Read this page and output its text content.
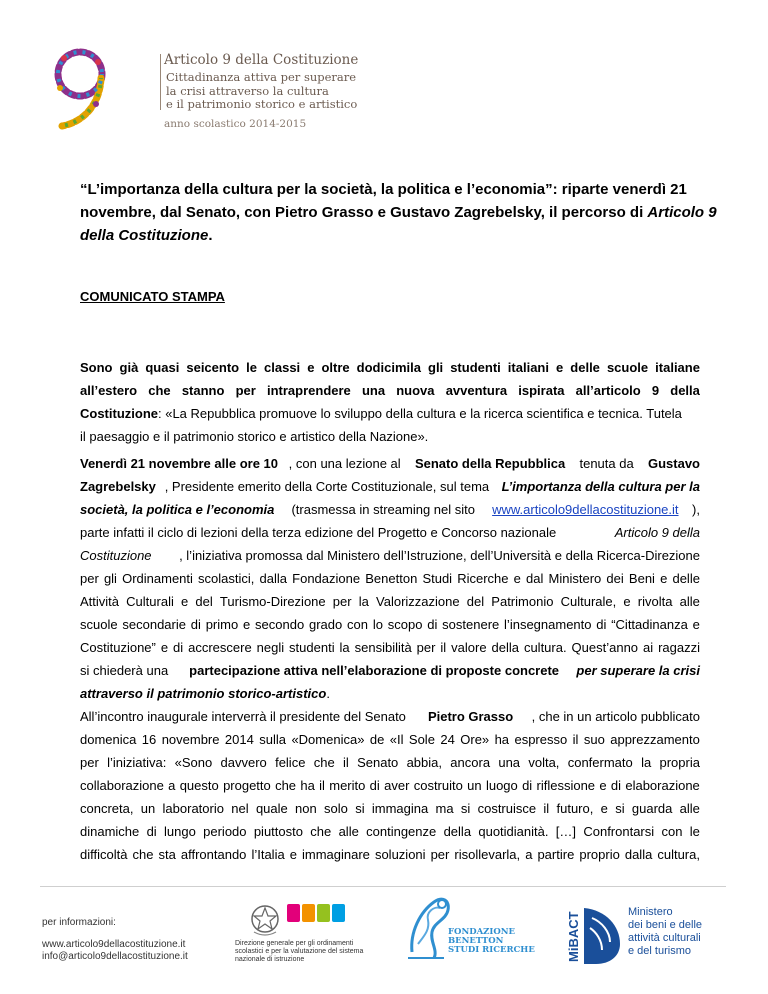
Articolo 9 della Costituzione
Cittadinanza attiva per superare
la crisi attraverso la cultura
e il patrimonio storico e artistico
anno scolastico 2014-2015
“L’importanza della cultura per la società, la politica e l’economia”: riparte venerdì 21
novembre, dal Senato, con Pietro Grasso e Gustavo Zagrebelsky, il percorso di Articolo 9
della Costituzione.
COMUNICATO STAMPA
Sono già quasi seicento le classi e oltre dodicimila gli studenti italiani e delle scuole italiane
all’estero che stanno per intraprendere una nuova avventura ispirata all’articolo 9 della
Costituzione : «La Repubblica promuove lo sviluppo della cultura e la ricerca scientifica e tecnica. Tutela
il paesaggio e il patrimonio storico e artistico della Nazione».
Venerdì 21 novembre alle ore 10 , con una lezione al Senato della Repubblica tenuta da Gustavo
Zagrebelsky , Presidente emerito della Corte Costituzionale, sul tema L’importanza della cultura per la
società, la politica e l’economia (trasmessa in streaming nel sito www.articolo9dellacostituzione.it ),
parte infatti il ciclo di lezioni della terza edizione del Progetto e Concorso nazionale	Articolo 9 della
Costituzione , l’iniziativa promossa dal Ministero dell’Istruzione, dell’Università e della Ricerca-Direzione
per gli Ordinamenti scolastici, dalla Fondazione Benetton Studi Ricerche e dal Ministero dei Beni e delle
Attività Culturali e del Turismo-Direzione per la Valorizzazione del Patrimonio Culturale, e rivolta alle
scuole secondarie di primo e secondo grado con lo scopo di sostenere l’insegnamento di “Cittadinanza e
Costituzione” e di accrescere negli studenti la sensibilità per il valore della cultura. Quest’anno ai ragazzi
si chiederà una partecipazione attiva nell’elaborazione di proposte concrete per superare la crisi
attraverso il patrimonio storico-artistico .
All’incontro inaugurale interverrà il presidente del Senato Pietro Grasso , che in un articolo pubblicato
domenica 16 novembre 2014 sulla «Domenica» de «Il Sole 24 Ore» ha espresso il suo apprezzamento
per l’iniziativa: «Sono davvero felice che il Senato abbia, ancora una volta, confermato la propria
collaborazione a questo progetto che ha il merito di aver costruito un luogo di riflessione e di elaborazione
concreta, un laboratorio nel quale non solo si immagina ma si costruisce il futuro, e si guarda alle
dinamiche di lungo periodo piuttosto che alle contingenze della quotidianità. […] Confrontarsi con le
difficoltà che sta affrontando l’Italia e immaginare soluzioni per risollevarla, a partire proprio dalla cultura,
per informazioni:
www.articolo9dellacostituzione.it
info@articolo9dellacostituzione.it
Direzione generale per gli ordinamenti
scolastici e per la valutazione del sistema
nazionale di istruzione
FONDAZIONE
BENETTON
STUDI RICERCHE MiBACT	Ministero
dei beni e delle
attività culturali
e del turismo
